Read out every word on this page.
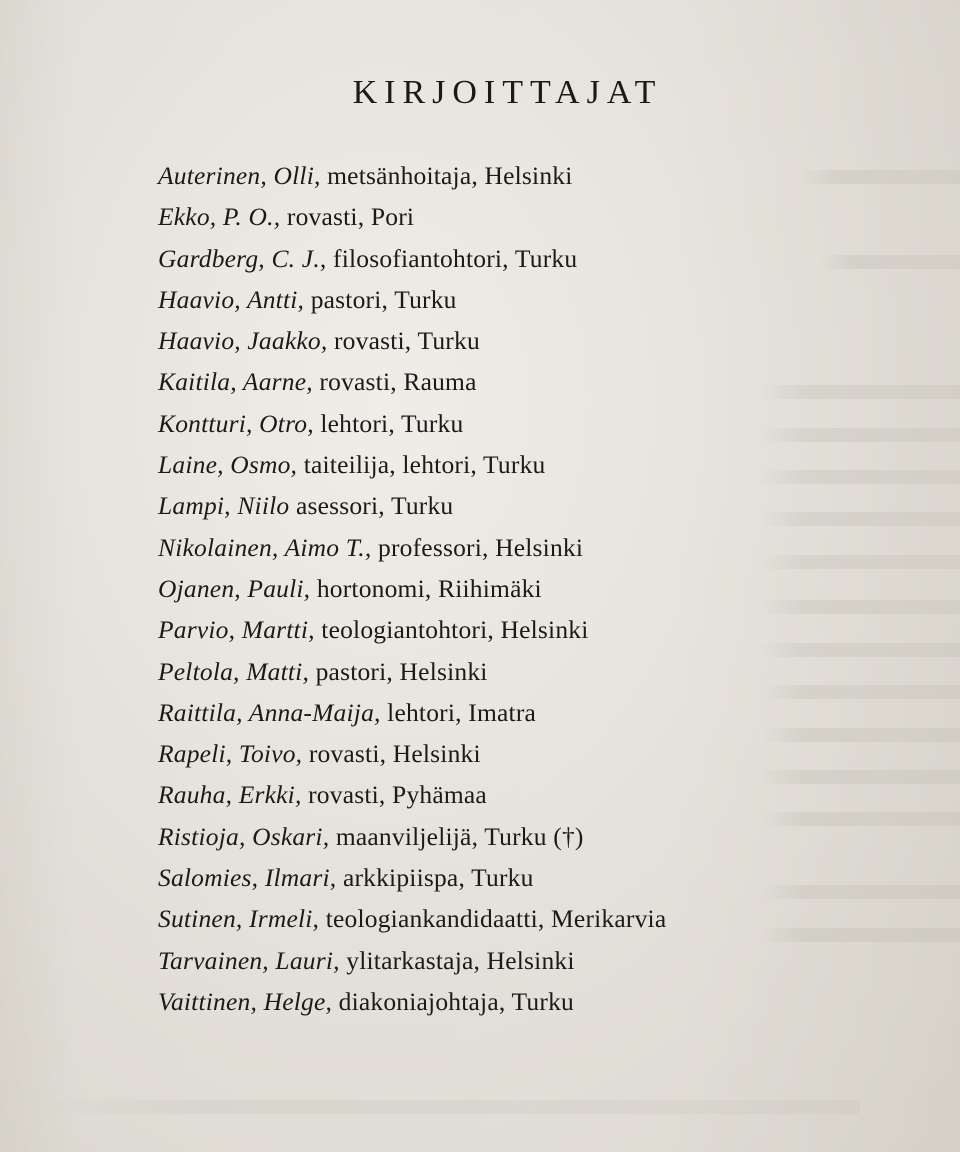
KIRJOITTAJAT
Auterinen, Olli, metsänhoitaja, Helsinki
Ekko, P. O., rovasti, Pori
Gardberg, C. J., filosofiantohtori, Turku
Haavio, Antti, pastori, Turku
Haavio, Jaakko, rovasti, Turku
Kaitila, Aarne, rovasti, Rauma
Kontturi, Otro, lehtori, Turku
Laine, Osmo, taiteilija, lehtori, Turku
Lampi, Niilo asessori, Turku
Nikolainen, Aimo T., professori, Helsinki
Ojanen, Pauli, hortonomi, Riihimäki
Parvio, Martti, teologiantohtori, Helsinki
Peltola, Matti, pastori, Helsinki
Raittila, Anna-Maija, lehtori, Imatra
Rapeli, Toivo, rovasti, Helsinki
Rauha, Erkki, rovasti, Pyhämaa
Ristioja, Oskari, maanviljelijä, Turku (†)
Salomies, Ilmari, arkkipiispa, Turku
Sutinen, Irmeli, teologiankandidaatti, Merikarvia
Tarvainen, Lauri, ylitarkastaja, Helsinki
Vaittinen, Helge, diakoniajohtaja, Turku
